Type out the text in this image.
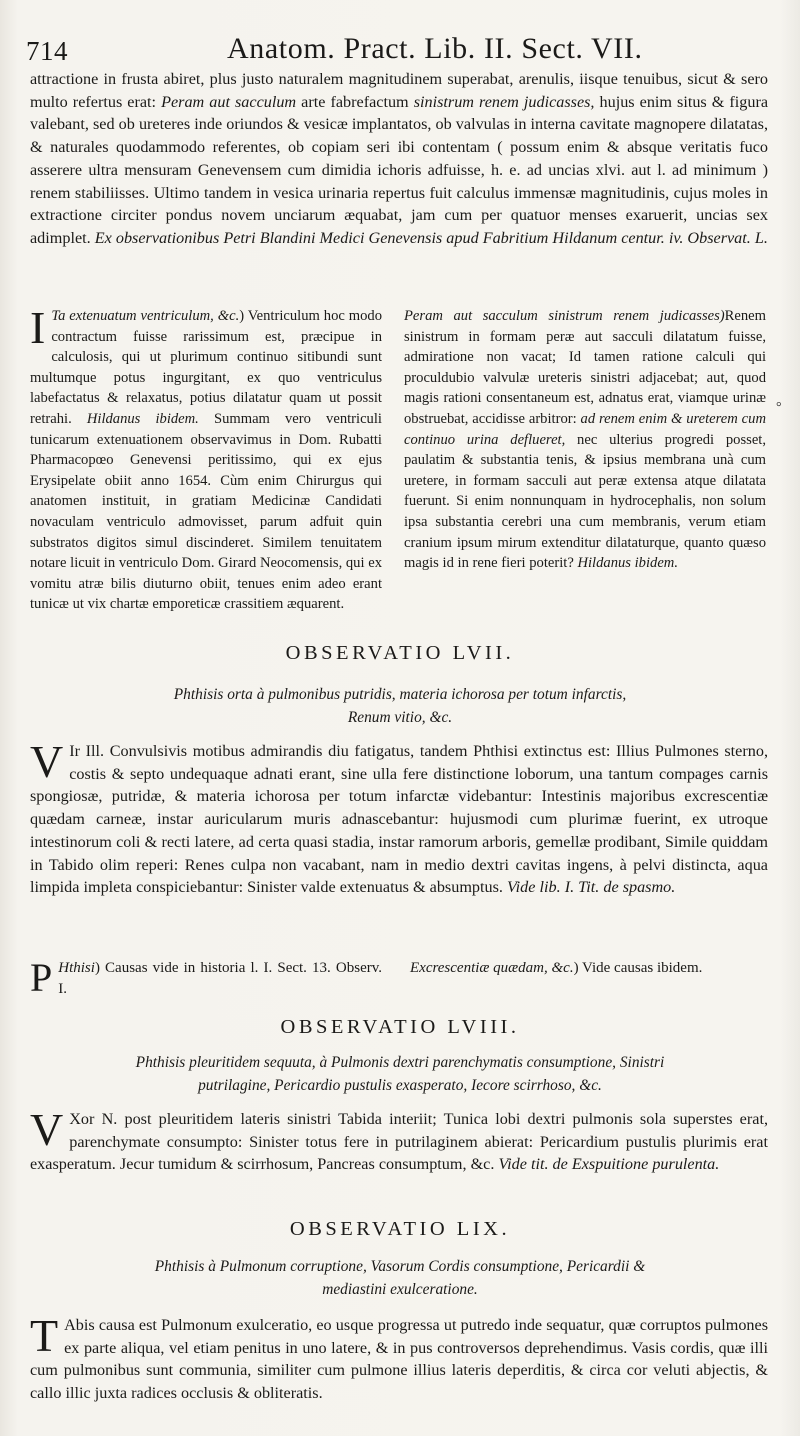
714	Anatom. Pract. Lib. II. Sect. VII.

attractione in frusta abiret, plus justo naturalem magnitudinem superabat, arenulis, iisque tenuibus, sicut & sero multo refertus erat: Peram aut sacculum arte fabrefactum sinistrum renem judicasses, hujus enim situs & figura valebant, sed ob ureteres inde oriundos & vesicæ implantatos, ob valvulas in interna cavitate magnopere dilatatas, & naturales quodammodo referentes, ob copiam seri ibi contentam ( possum enim & absque veritatis fuco asserere ultra mensuram Genevensem cum dimidia ichoris adfuisse, h. e. ad uncias xlvi. aut l. ad minimum ) renem stabiliisses. Ultimo tandem in vesica urinaria repertus fuit calculus immensæ magnitudinis, cujus moles in extractione circiter pondus novem unciarum æquabat, jam cum per quatuor menses exaruerit, uncias sex adimplet. Ex observationibus Petri Blandini Medici Genevensis apud Fabritium Hildanum centur. iv. Observat. L.

I Ta extenuatum ventriculum, &c.) Ventriculum hoc modo contractum fuisse rarissimum est, præcipue in calculosis, qui ut plurimum continuo sitibundi sunt multumque potus ingurgitant, ex quo ventriculus labefactatus & relaxatus, potius dilatatur quam ut possit retrahi. Hildanus ibidem. Summam vero ventriculi tunicarum extenuationem observavimus in Dom. Rubatti Pharmacopœo Genevensi peritissimo, qui ex ejus Erysipelate obiit anno 1654. Cùm enim Chirurgus qui anatomen instituit, in gratiam Medicinæ Candidati novaculam ventriculo admovisset, parum adfuit quin substratos digitos simul discinderet. Similem tenuitatem notare licuit in ventriculo Dom. Girard Neocomensis, qui ex vomitu atræ bilis diuturno obiit, tenues enim adeo erant tunicæ ut vix chartæ emporeticæ crassitiem æquarent.

Peram aut sacculum sinistrum renem judicasses)Renem sinistrum in formam peræ aut sacculi dilatatum fuisse, admiratione non vacat; Id tamen ratione calculi qui proculdubio valvulæ ureteris sinistri adjacebat; aut, quod magis rationi consentaneum est, adnatus erat, viamque urinæ obstruebat, accidisse arbitror: ad renem enim & ureterem cum continuo urina deflueret, nec ulterius progredi posset, paulatim & substantia tenis, & ipsius membrana unà cum uretere, in formam sacculi aut peræ extensa atque dilatata fuerunt. Si enim nonnunquam in hydrocephalis, non solum ipsa substantia cerebri una cum membranis, verum etiam cranium ipsum mirum extenditur dilataturque, quanto quæso magis id in rene fieri poterit? Hildanus ibidem.

OBSERVATIO LVII.
Phthisis orta à pulmonibus putridis, materia ichorosa per totum infarctis,
Renum vitio, &c.

V Ir Ill. Convulsivis motibus admirandis diu fatigatus, tandem Phthisi extinctus est: Illius Pulmones sterno, costis & septo undequaque adnati erant, sine ulla fere distinctione loborum, una tantum compages carnis spongiosæ, putridæ, & materia ichorosa per totum infarctæ videbantur: Intestinis majoribus excrescentiæ quædam carneæ, instar auricularum muris adnascebantur: hujusmodi cum plurimæ fuerint, ex utroque intestinorum coli & recti latere, ad certa quasi stadia, instar ramorum arboris, gemellæ prodibant, Simile quiddam in Tabido olim reperi: Renes culpa non vacabant, nam in medio dextri cavitas ingens, à pelvi distincta, aqua limpida impleta conspiciebantur: Sinister valde extenuatus & absumptus. Vide lib. I. Tit. de spasmo.

P Hthisi) Causas vide in historia l. I. Sect. 13. Observ. I.

Excrescentiæ quædam, &c.) Vide causas ibidem.

OBSERVATIO LVIII.
Phthisis pleuritidem sequuta, à Pulmonis dextri parenchymatis consumptione, Sinistri
putrilagine, Pericardio pustulis exasperato, Iecore scirrhoso, &c.

V Xor N. post pleuritidem lateris sinistri Tabida interiit; Tunica lobi dextri pulmonis sola superstes erat, parenchymate consumpto: Sinister totus fere in putrilaginem abierat: Pericardium pustulis plurimis erat exasperatum. Jecur tumidum & scirrhosum, Pancreas consumptum, &c. Vide tit. de Exspuitione purulenta.

OBSERVATIO LIX.
Phthisis à Pulmonum corruptione, Vasorum Cordis consumptione, Pericardii &
mediastini exulceratione.

T Abis causa est Pulmonum exulceratio, eo usque progressa ut putredo inde sequatur, quæ corruptos pulmones ex parte aliqua, vel etiam penitus in uno latere, & in pus controversos deprehendimus. Vasis cordis, quæ illi cum pulmonibus sunt communia, similiter cum pulmone illius lateris deperditis, & circa cor veluti abjectis, & callo illic juxta radices occlusis & obliteratis.

°
